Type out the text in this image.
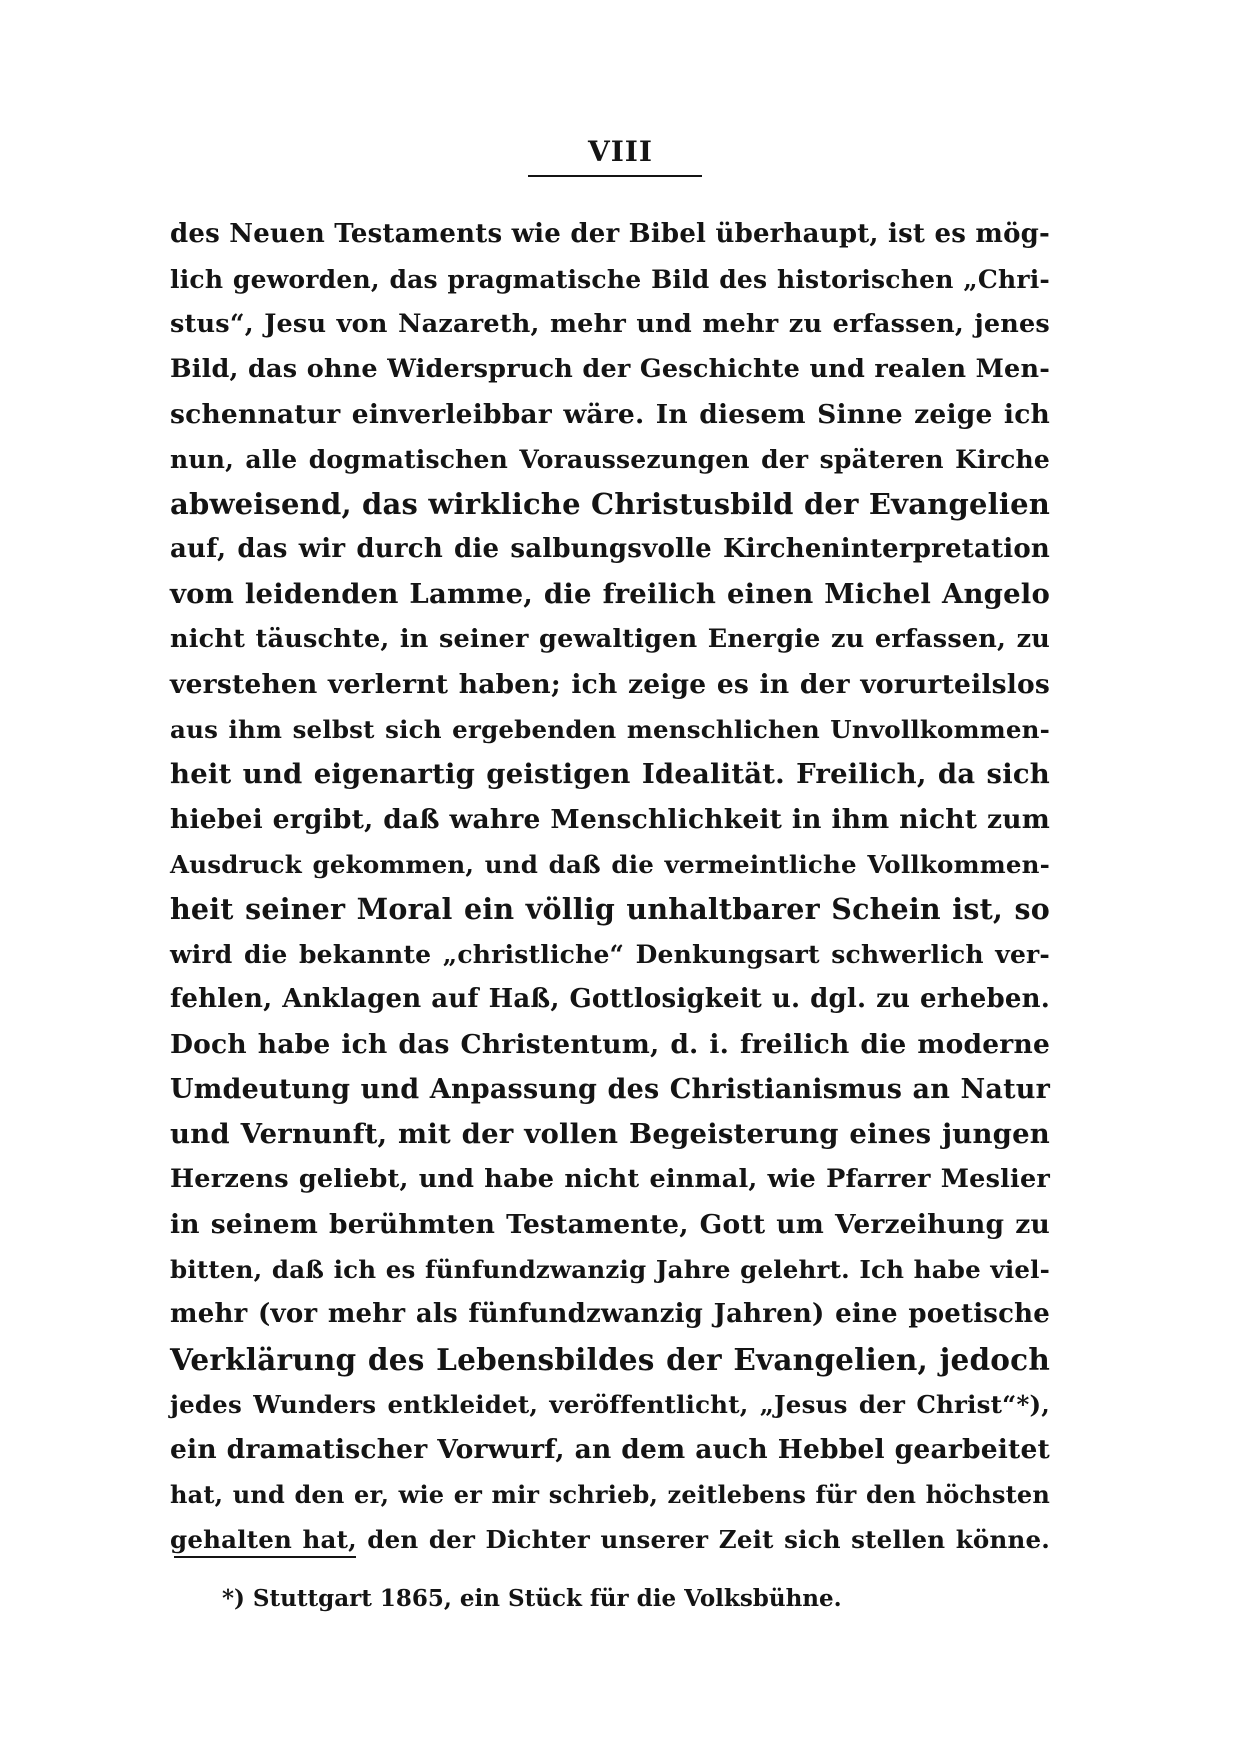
VIII
des Neuen Testaments wie der Bibel überhaupt, ist es mög-
lich geworden, das pragmatische Bild des historischen „Chri-
stus“, Jesu von Nazareth, mehr und mehr zu erfassen, jenes
Bild, das ohne Widerspruch der Geschichte und realen Men-
schennatur einverleibbar wäre. In diesem Sinne zeige ich
nun, alle dogmatischen Voraussezungen der späteren Kirche
abweisend, das wirkliche Christusbild der Evangelien
auf, das wir durch die salbungsvolle Kircheninterpretation
vom leidenden Lamme, die freilich einen Michel Angelo
nicht täuschte, in seiner gewaltigen Energie zu erfassen, zu
verstehen verlernt haben; ich zeige es in der vorurteilslos
aus ihm selbst sich ergebenden menschlichen Unvollkommen-
heit und eigenartig geistigen Idealität. Freilich, da sich
hiebei ergibt, daß wahre Menschlichkeit in ihm nicht zum
Ausdruck gekommen, und daß die vermeintliche Vollkommen-
heit seiner Moral ein völlig unhaltbarer Schein ist, so
wird die bekannte „christliche“ Denkungsart schwerlich ver-
fehlen, Anklagen auf Haß, Gottlosigkeit u. dgl. zu erheben.
Doch habe ich das Christentum, d. i. freilich die moderne
Umdeutung und Anpassung des Christianismus an Natur
und Vernunft, mit der vollen Begeisterung eines jungen
Herzens geliebt, und habe nicht einmal, wie Pfarrer Meslier
in seinem berühmten Testamente, Gott um Verzeihung zu
bitten, daß ich es fünfundzwanzig Jahre gelehrt. Ich habe viel-
mehr (vor mehr als fünfundzwanzig Jahren) eine poetische
Verklärung des Lebensbildes der Evangelien, jedoch
jedes Wunders entkleidet, veröffentlicht, „Jesus der Christ“*),
ein dramatischer Vorwurf, an dem auch Hebbel gearbeitet
hat, und den er, wie er mir schrieb, zeitlebens für den höchsten
gehalten hat, den der Dichter unserer Zeit sich stellen könne.
*) Stuttgart 1865, ein Stück für die Volksbühne.
